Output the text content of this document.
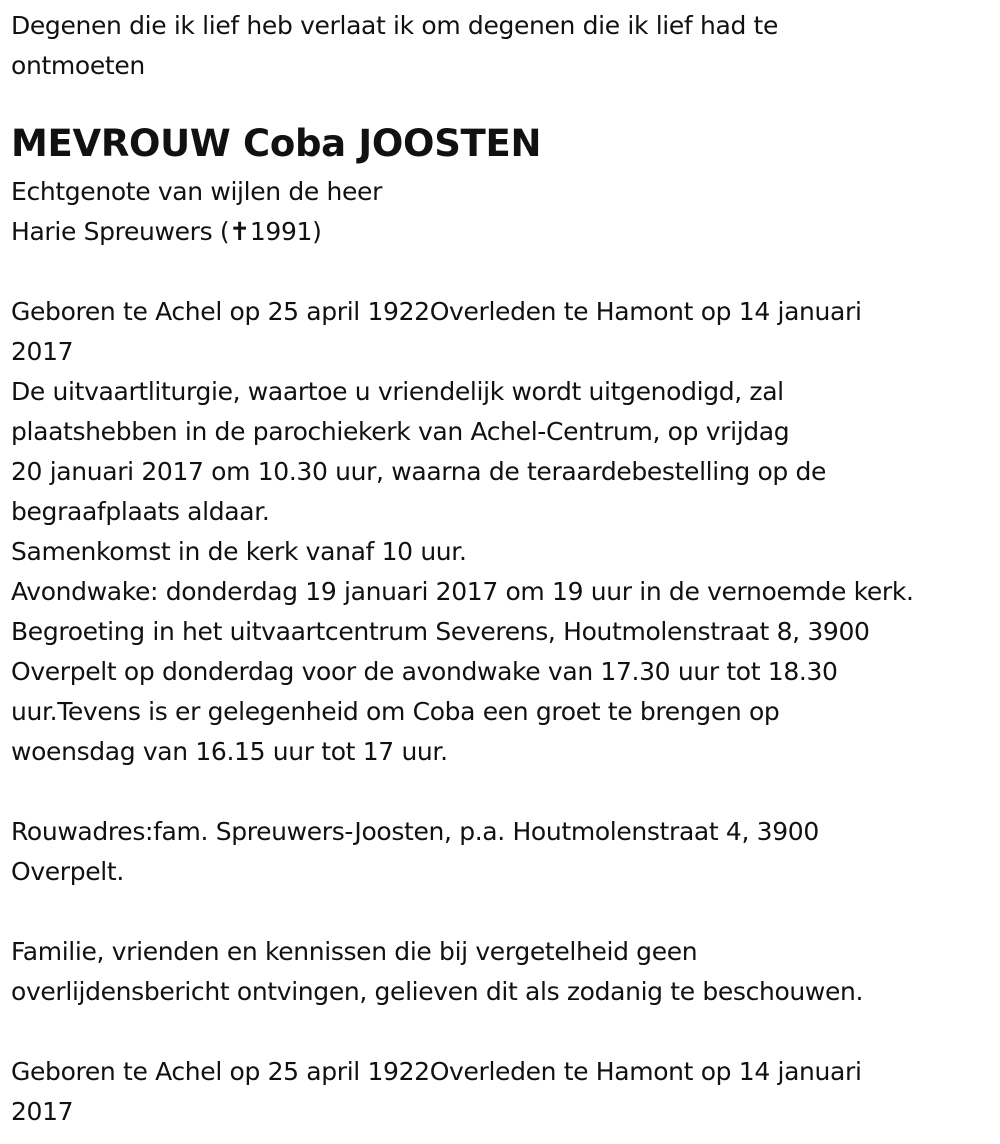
Degenen die ik lief heb verlaat ik om degenen die ik lief had te
ontmoeten
MEVROUW Coba JOOSTEN
Echtgenote van wijlen de heer
Harie Spreuwers (✝1991)
Geboren te Achel op 25 april 1922Overleden te Hamont op 14 januari
2017
De uitvaartliturgie, waartoe u vriendelijk wordt uitgenodigd, zal
plaatshebben in de parochiekerk van Achel-Centrum, op vrijdag
20 januari 2017 om 10.30 uur, waarna de teraardebestelling op de
begraafplaats aldaar.
Samenkomst in de kerk vanaf 10 uur.
Avondwake: donderdag 19 januari 2017 om 19 uur in de vernoemde kerk.
Begroeting in het uitvaartcentrum Severens, Houtmolenstraat 8, 3900
Overpelt op donderdag voor de avondwake van 17.30 uur tot 18.30
uur.Tevens is er gelegenheid om Coba een groet te brengen op
woensdag van 16.15 uur tot 17 uur.
Rouwadres:fam. Spreuwers-Joosten, p.a. Houtmolenstraat 4, 3900
Overpelt.
Familie, vrienden en kennissen die bij vergetelheid geen
overlijdensbericht ontvingen, gelieven dit als zodanig te beschouwen.
Geboren te Achel op 25 april 1922Overleden te Hamont op 14 januari
2017
